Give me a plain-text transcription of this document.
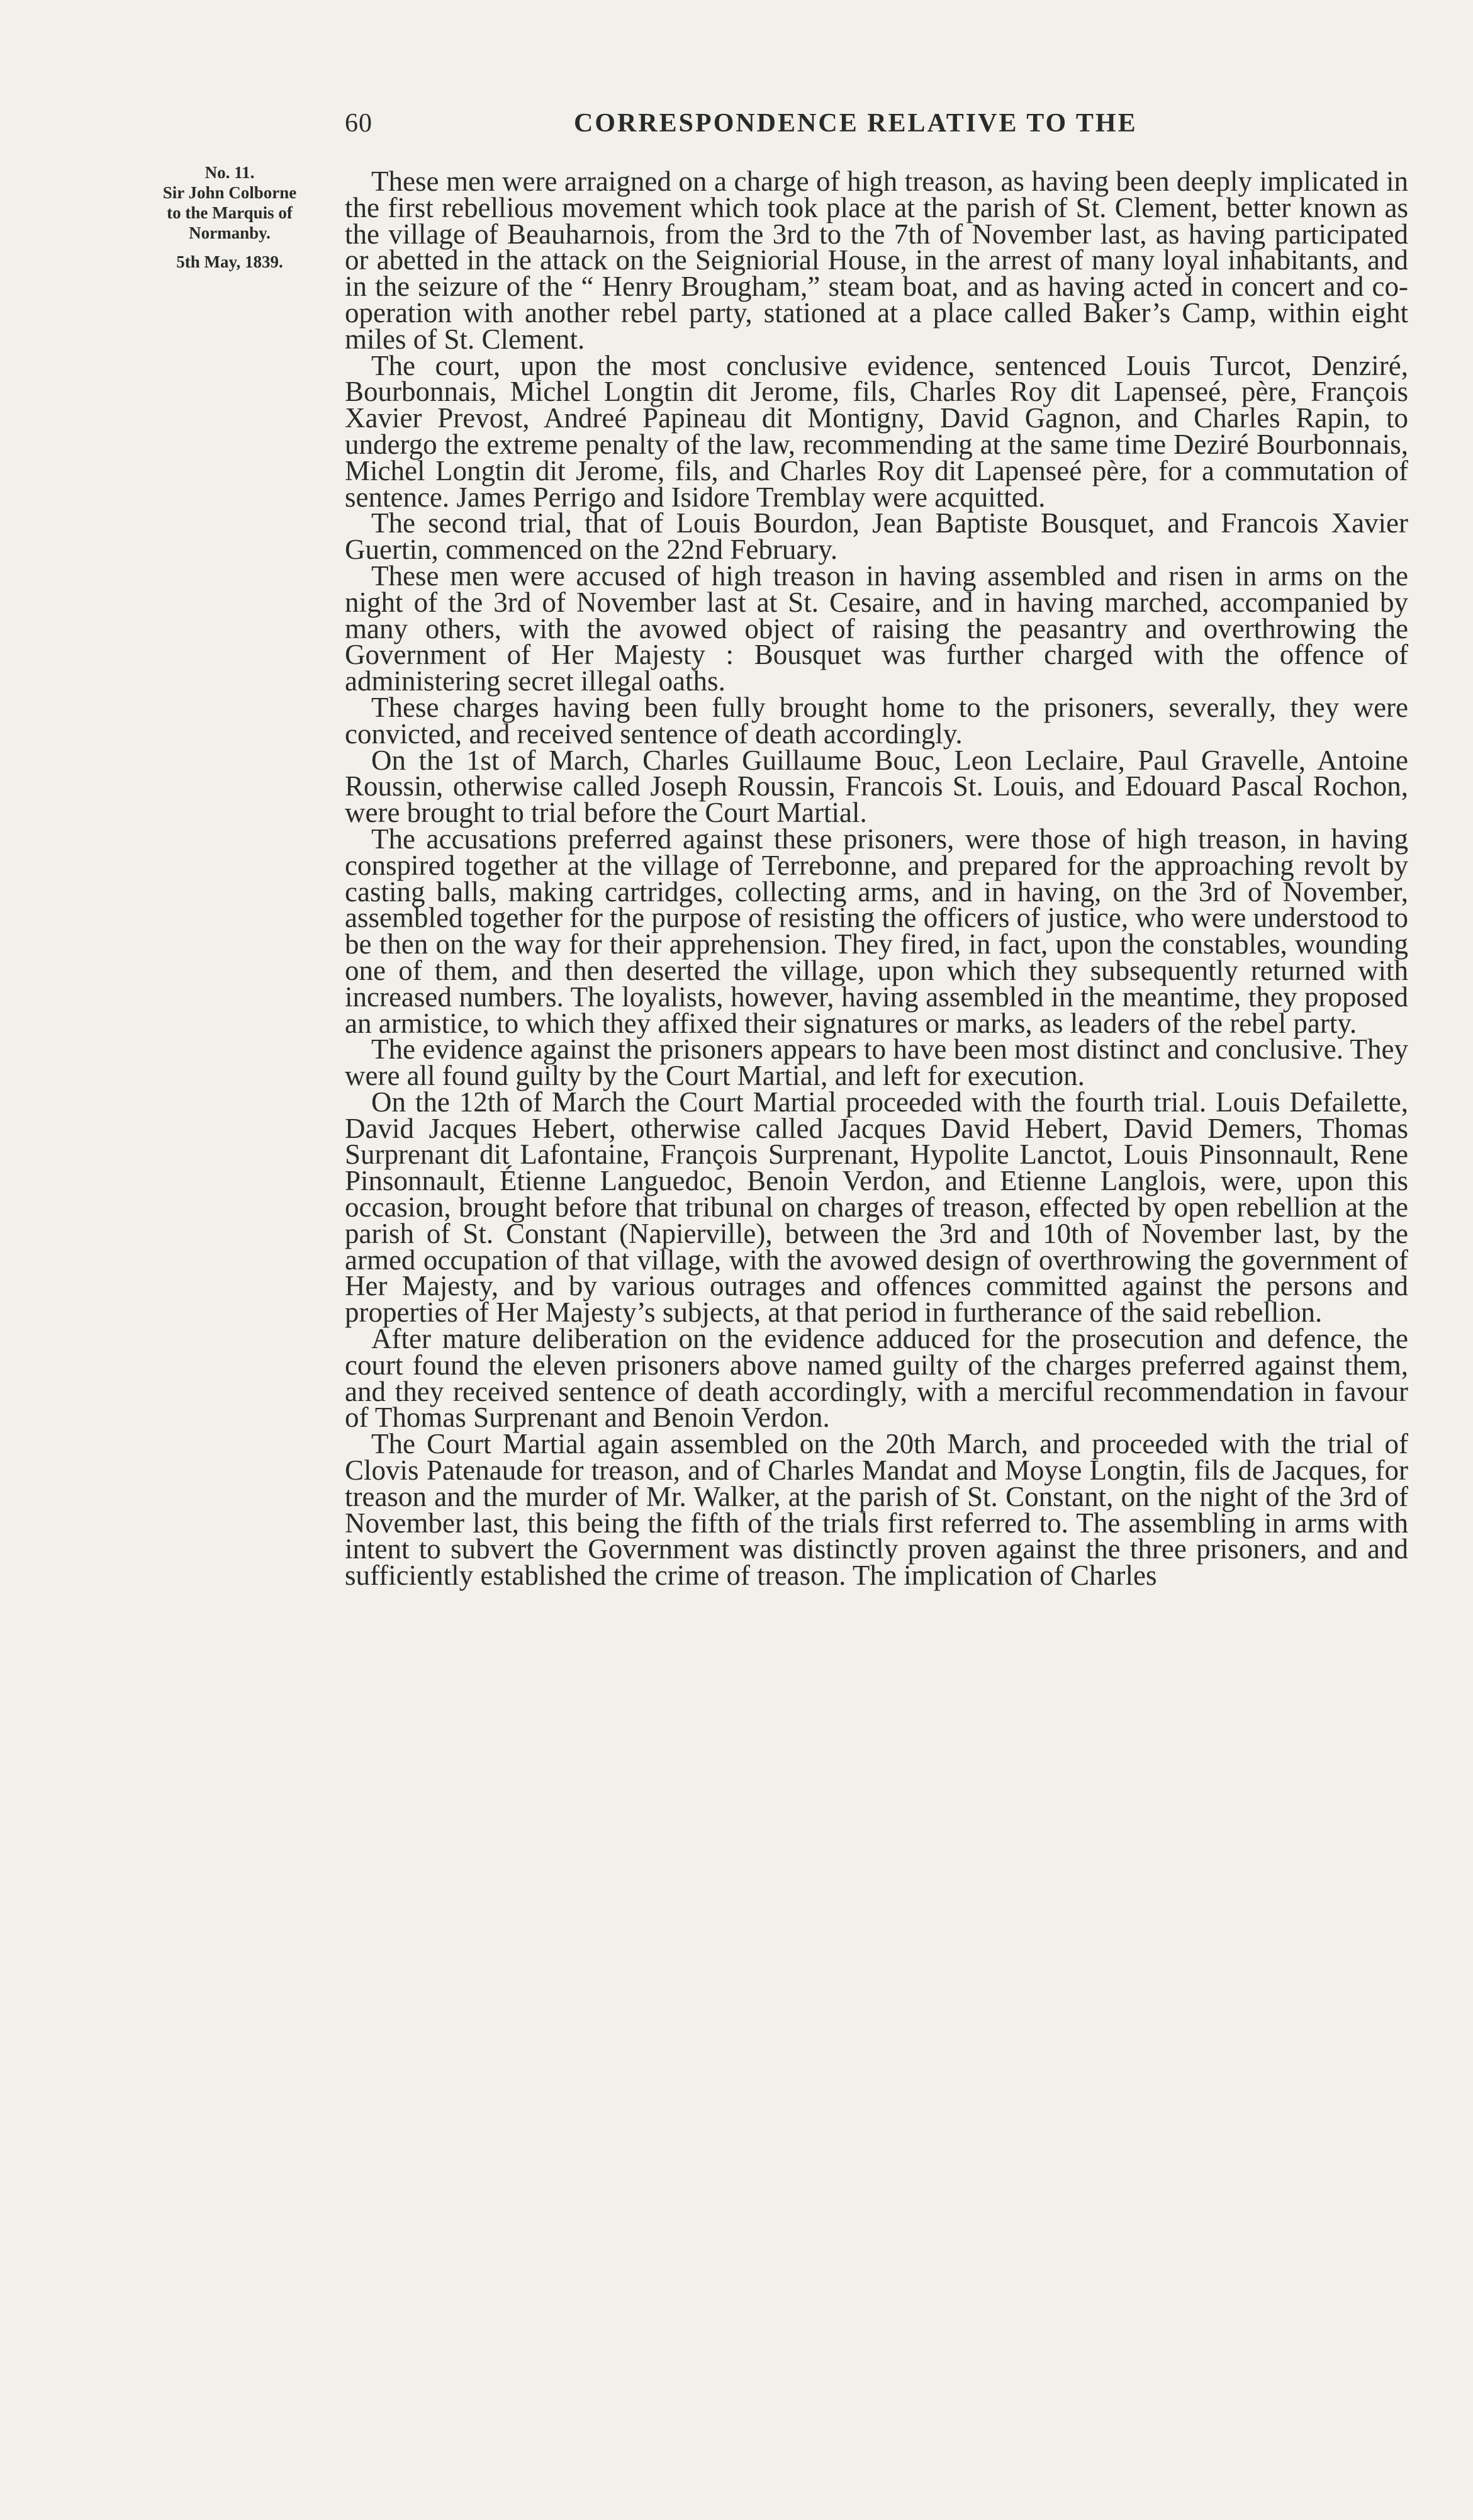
60	CORRESPONDENCE RELATIVE TO THE
No. 11.
Sir John Colborne
to the Marquis of
Normanby.
5th May, 1839.

These men were arraigned on a charge of high treason, as having been deeply implicated in the first rebellious movement which took place at the parish of St. Clement, better known as the village of Beauharnois, from the 3rd to the 7th of November last, as having participated or abetted in the attack on the Seigniorial House, in the arrest of many loyal inhabitants, and in the seizure of the “ Henry Brougham,” steam boat, and as having acted in concert and co-operation with another rebel party, stationed at a place called Baker’s Camp, within eight miles of St. Clement.

The court, upon the most conclusive evidence, sentenced Louis Turcot, Denziré, Bourbonnais, Michel Longtin dit Jerome, fils, Charles Roy dit Lapenseé, père, François Xavier Prevost, Andreé Papineau dit Montigny, David Gagnon, and Charles Rapin, to undergo the extreme penalty of the law, recommending at the same time Deziré Bourbonnais, Michel Longtin dit Jerome, fils, and Charles Roy dit Lapenseé père, for a commutation of sentence. James Perrigo and Isidore Tremblay were acquitted.

The second trial, that of Louis Bourdon, Jean Baptiste Bousquet, and Francois Xavier Guertin, commenced on the 22nd February.

These men were accused of high treason in having assembled and risen in arms on the night of the 3rd of November last at St. Cesaire, and in having marched, accompanied by many others, with the avowed object of raising the peasantry and overthrowing the Government of Her Majesty : Bousquet was further charged with the offence of administering secret illegal oaths.

These charges having been fully brought home to the prisoners, severally, they were convicted, and received sentence of death accordingly.

On the 1st of March, Charles Guillaume Bouc, Leon Leclaire, Paul Gravelle, Antoine Roussin, otherwise called Joseph Roussin, Francois St. Louis, and Edouard Pascal Rochon, were brought to trial before the Court Martial.

The accusations preferred against these prisoners, were those of high treason, in having conspired together at the village of Terrebonne, and prepared for the approaching revolt by casting balls, making cartridges, collecting arms, and in having, on the 3rd of November, assembled together for the purpose of resisting the officers of justice, who were understood to be then on the way for their apprehension. They fired, in fact, upon the constables, wounding one of them, and then deserted the village, upon which they subsequently returned with increased numbers. The loyalists, however, having assembled in the meantime, they proposed an armistice, to which they affixed their signatures or marks, as leaders of the rebel party.

The evidence against the prisoners appears to have been most distinct and conclusive. They were all found guilty by the Court Martial, and left for execution.

On the 12th of March the Court Martial proceeded with the fourth trial. Louis Defailette, David Jacques Hebert, otherwise called Jacques David Hebert, David Demers, Thomas Surprenant dit Lafontaine, François Surprenant, Hypolite Lanctot, Louis Pinsonnault, Rene Pinsonnault, Étienne Languedoc, Benoin Verdon, and Etienne Langlois, were, upon this occasion, brought before that tribunal on charges of treason, effected by open rebellion at the parish of St. Constant (Napierville), between the 3rd and 10th of November last, by the armed occupation of that village, with the avowed design of overthrowing the government of Her Majesty, and by various outrages and offences committed against the persons and properties of Her Majesty’s subjects, at that period in furtherance of the said rebellion.

After mature deliberation on the evidence adduced for the prosecution and defence, the court found the eleven prisoners above named guilty of the charges preferred against them, and they received sentence of death accordingly, with a merciful recommendation in favour of Thomas Surprenant and Benoin Verdon.

The Court Martial again assembled on the 20th March, and proceeded with the trial of Clovis Patenaude for treason, and of Charles Mandat and Moyse Longtin, fils de Jacques, for treason and the murder of Mr. Walker, at the parish of St. Constant, on the night of the 3rd of November last, this being the fifth of the trials first referred to. The assembling in arms with intent to subvert the Government was distinctly proven against the three prisoners, and and sufficiently established the crime of treason. The implication of Charles
